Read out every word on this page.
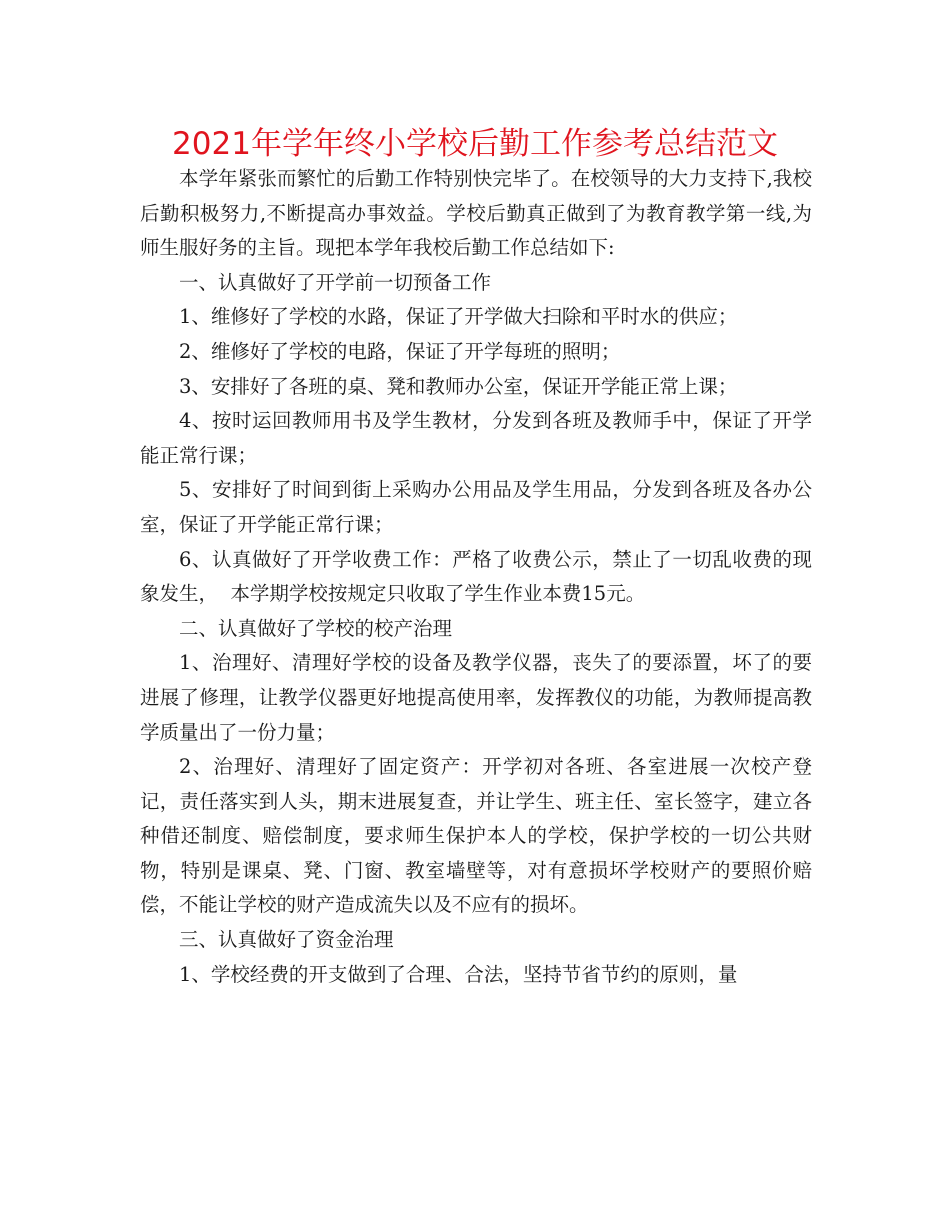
2021年学年终小学校后勤工作参考总结范文

本学年紧张而繁忙的后勤工作特别快完毕了。在校领导的大力支持下,我校后勤积极努力,不断提高办事效益。学校后勤真正做到了为教育教学第一线,为师生服好务的主旨。现把本学年我校后勤工作总结如下:

一、认真做好了开学前一切预备工作

1、维修好了学校的水路，保证了开学做大扫除和平时水的供应；

2、维修好了学校的电路，保证了开学每班的照明；

3、安排好了各班的桌、凳和教师办公室，保证开学能正常上课；

4、按时运回教师用书及学生教材，分发到各班及教师手中，保证了开学能正常行课；

5、安排好了时间到街上采购办公用品及学生用品，分发到各班及各办公室，保证了开学能正常行课；

6、认真做好了开学收费工作：严格了收费公示，禁止了一切乱收费的现象发生，  本学期学校按规定只收取了学生作业本费15元。

二、认真做好了学校的校产治理

1、治理好、清理好学校的设备及教学仪器，丧失了的要添置，坏了的要进展了修理，让教学仪器更好地提高使用率，发挥教仪的功能，为教师提高教学质量出了一份力量；

2、治理好、清理好了固定资产：开学初对各班、各室进展一次校产登记，责任落实到人头，期末进展复查，并让学生、班主任、室长签字，建立各种借还制度、赔偿制度，要求师生保护本人的学校，保护学校的一切公共财物，特别是课桌、凳、门窗、教室墙壁等，对有意损坏学校财产的要照价赔偿，不能让学校的财产造成流失以及不应有的损坏。

三、认真做好了资金治理

1、学校经费的开支做到了合理、合法，坚持节省节约的原则，量
